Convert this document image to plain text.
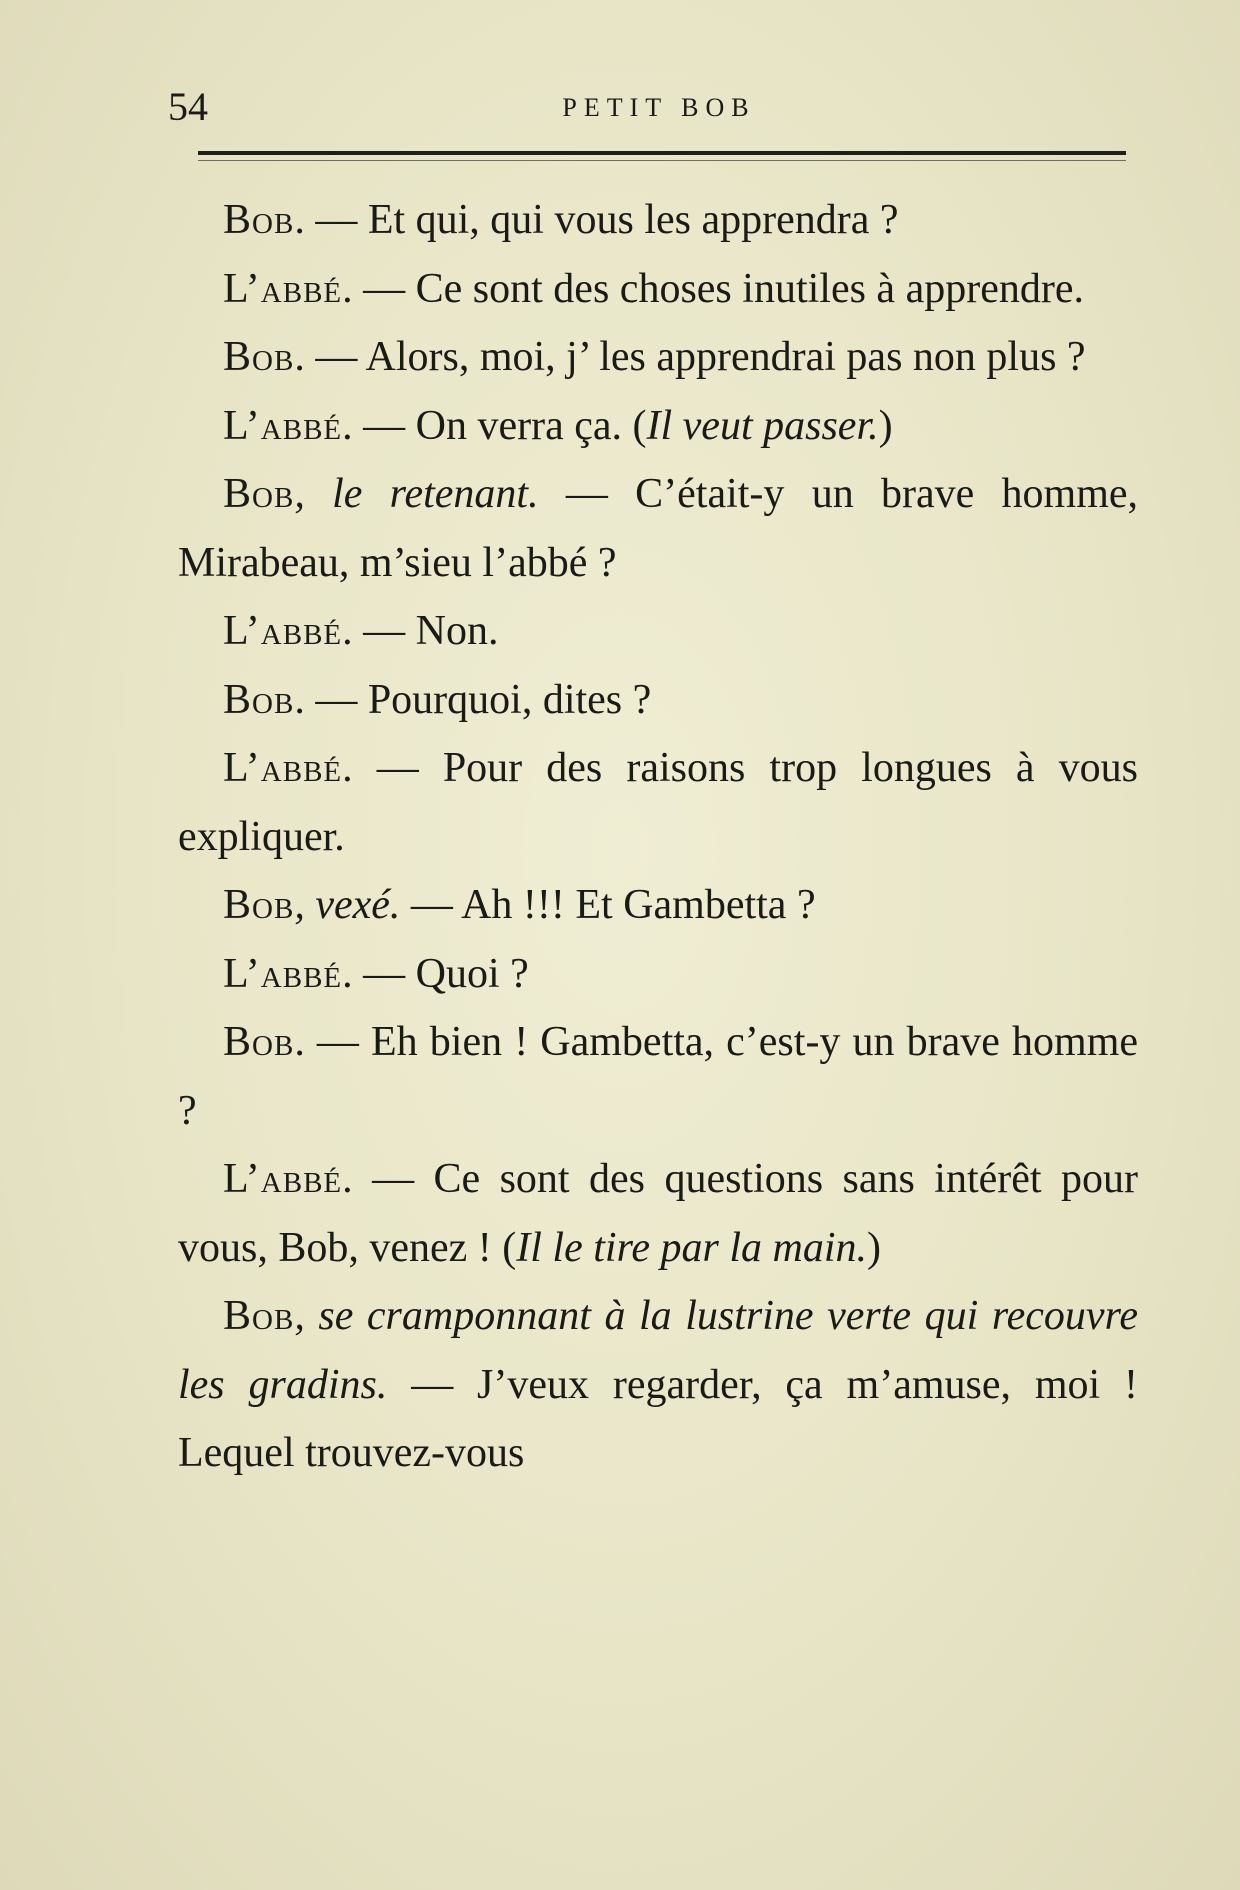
54	PETIT BOB

Bob. — Et qui, qui vous les apprendra ?

L’abbé. — Ce sont des choses inutiles à apprendre.

Bob. — Alors, moi, j’ les apprendrai pas non plus ?

L’abbé. — On verra ça. (Il veut passer.)

Bob, le retenant. — C’était-y un brave homme, Mirabeau, m’sieu l’abbé ?

L’abbé. — Non.

Bob. — Pourquoi, dites ?

L’abbé. — Pour des raisons trop longues à vous expliquer.

Bob, vexé. — Ah !!! Et Gambetta ?

L’abbé. — Quoi ?

Bob. — Eh bien ! Gambetta, c’est-y un brave homme ?

L’abbé. — Ce sont des questions sans intérêt pour vous, Bob, venez ! (Il le tire par la main.)

Bob, se cramponnant à la lustrine verte qui recouvre les gradins. — J’veux regarder, ça m’amuse, moi ! Lequel trouvez-vous
